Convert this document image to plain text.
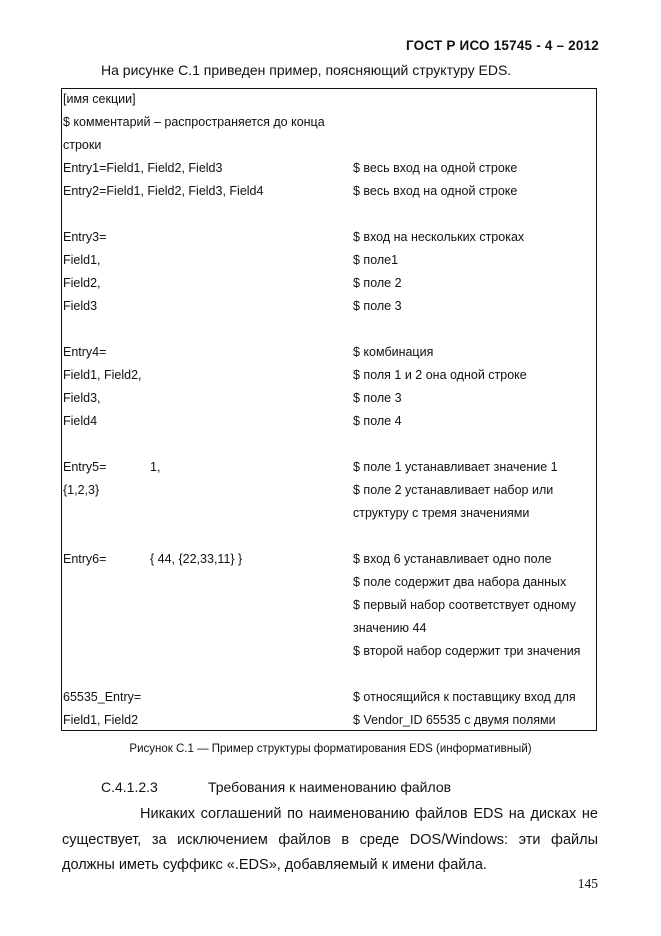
ГОСТ Р ИСО 15745 - 4 – 2012
На рисунке С.1 приведен пример, поясняющий структуру EDS.
[имя секции]
$ комментарий – распространяется до конца
строки
Entry1=Field1, Field2, Field3	$ весь вход на одной строке
Entry2=Field1, Field2, Field3, Field4	$ весь вход на одной строке
Entry3=	$ вход на нескольких строках
Field1,	$ поле1
Field2,	$ поле 2
Field3	$ поле 3
Entry4=	$ комбинация
Field1, Field2,	$ поля 1 и 2 она одной строке
Field3,	$ поле 3
Field4	$ поле 4
Entry5=	1,	$ поле 1 устанавливает значение 1
{1,2,3}	$ поле 2 устанавливает набор или
структуру с тремя значениями
Entry6=	{ 44, {22,33,11} }	$ вход 6 устанавливает одно поле
$ поле содержит два набора данных
$ первый набор соответствует одному
значению 44
$ второй набор содержит три значения
65535_Entry=	$ относящийся к поставщику вход для
Field1, Field2	$ Vendor_ID 65535 с двумя полями
Рисунок С.1 — Пример структуры форматирования EDS (информативный)
С.4.1.2.3	Требования к наименованию файлов
Никаких соглашений по наименованию файлов EDS на дисках не
существует, за исключением файлов в среде DOS/Windows: эти файлы
должны иметь суффикс «.EDS», добавляемый к имени файла.
145
